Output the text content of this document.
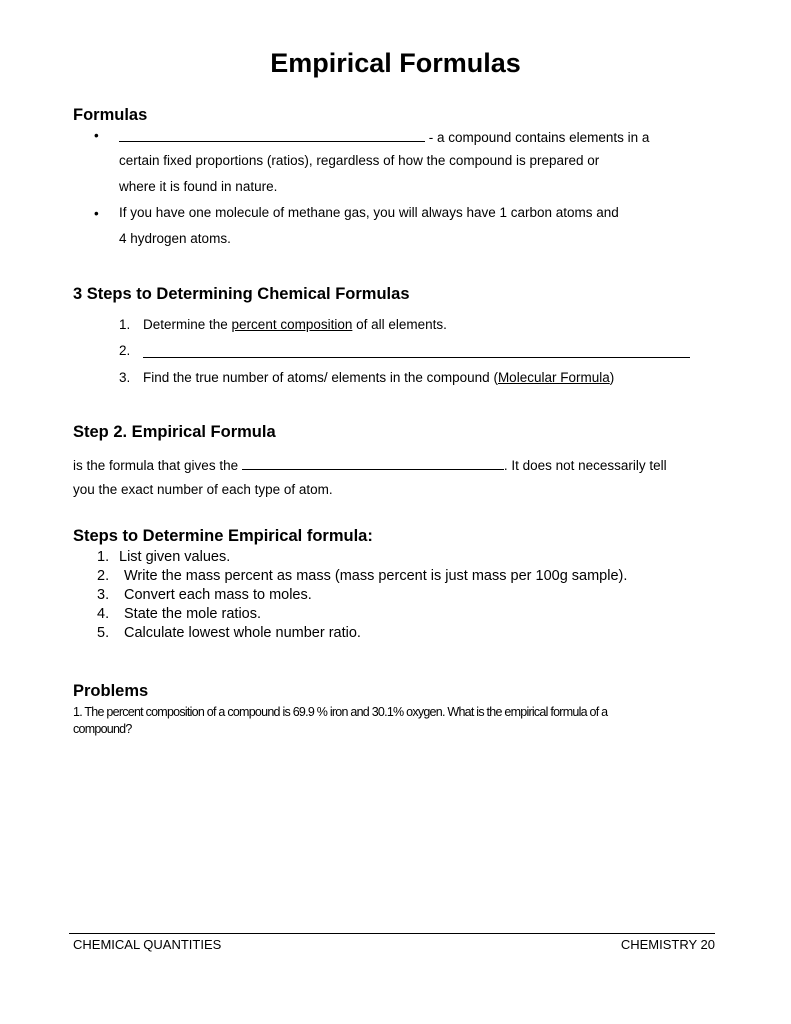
Empirical Formulas
Formulas
•	- a compound contains elements in a
certain fixed proportions (ratios), regardless of how the compound is prepared or
where it is found in nature.
• If you have one molecule of methane gas, you will always have 1 carbon atoms and
4 hydrogen atoms.
3 Steps to Determining Chemical Formulas
1. Determine the percent composition of all elements.
2.
3. Find the true number of atoms/ elements in the compound (Molecular Formula)
Step 2. Empirical Formula
is the formula that gives the	. It does not necessarily tell
you the exact number of each type of atom.
Steps to Determine Empirical formula:
1. List given values.
2. Write the mass percent as mass (mass percent is just mass per 100g sample).
3. Convert each mass to moles.
4. State the mole ratios.
5. Calculate lowest whole number ratio.
Problems
1. The percent composition of a compound is 69.9 % iron and 30.1% oxygen. What is the empirical formula of a
compound?
CHEMICAL QUANTITIES	CHEMISTRY 20
